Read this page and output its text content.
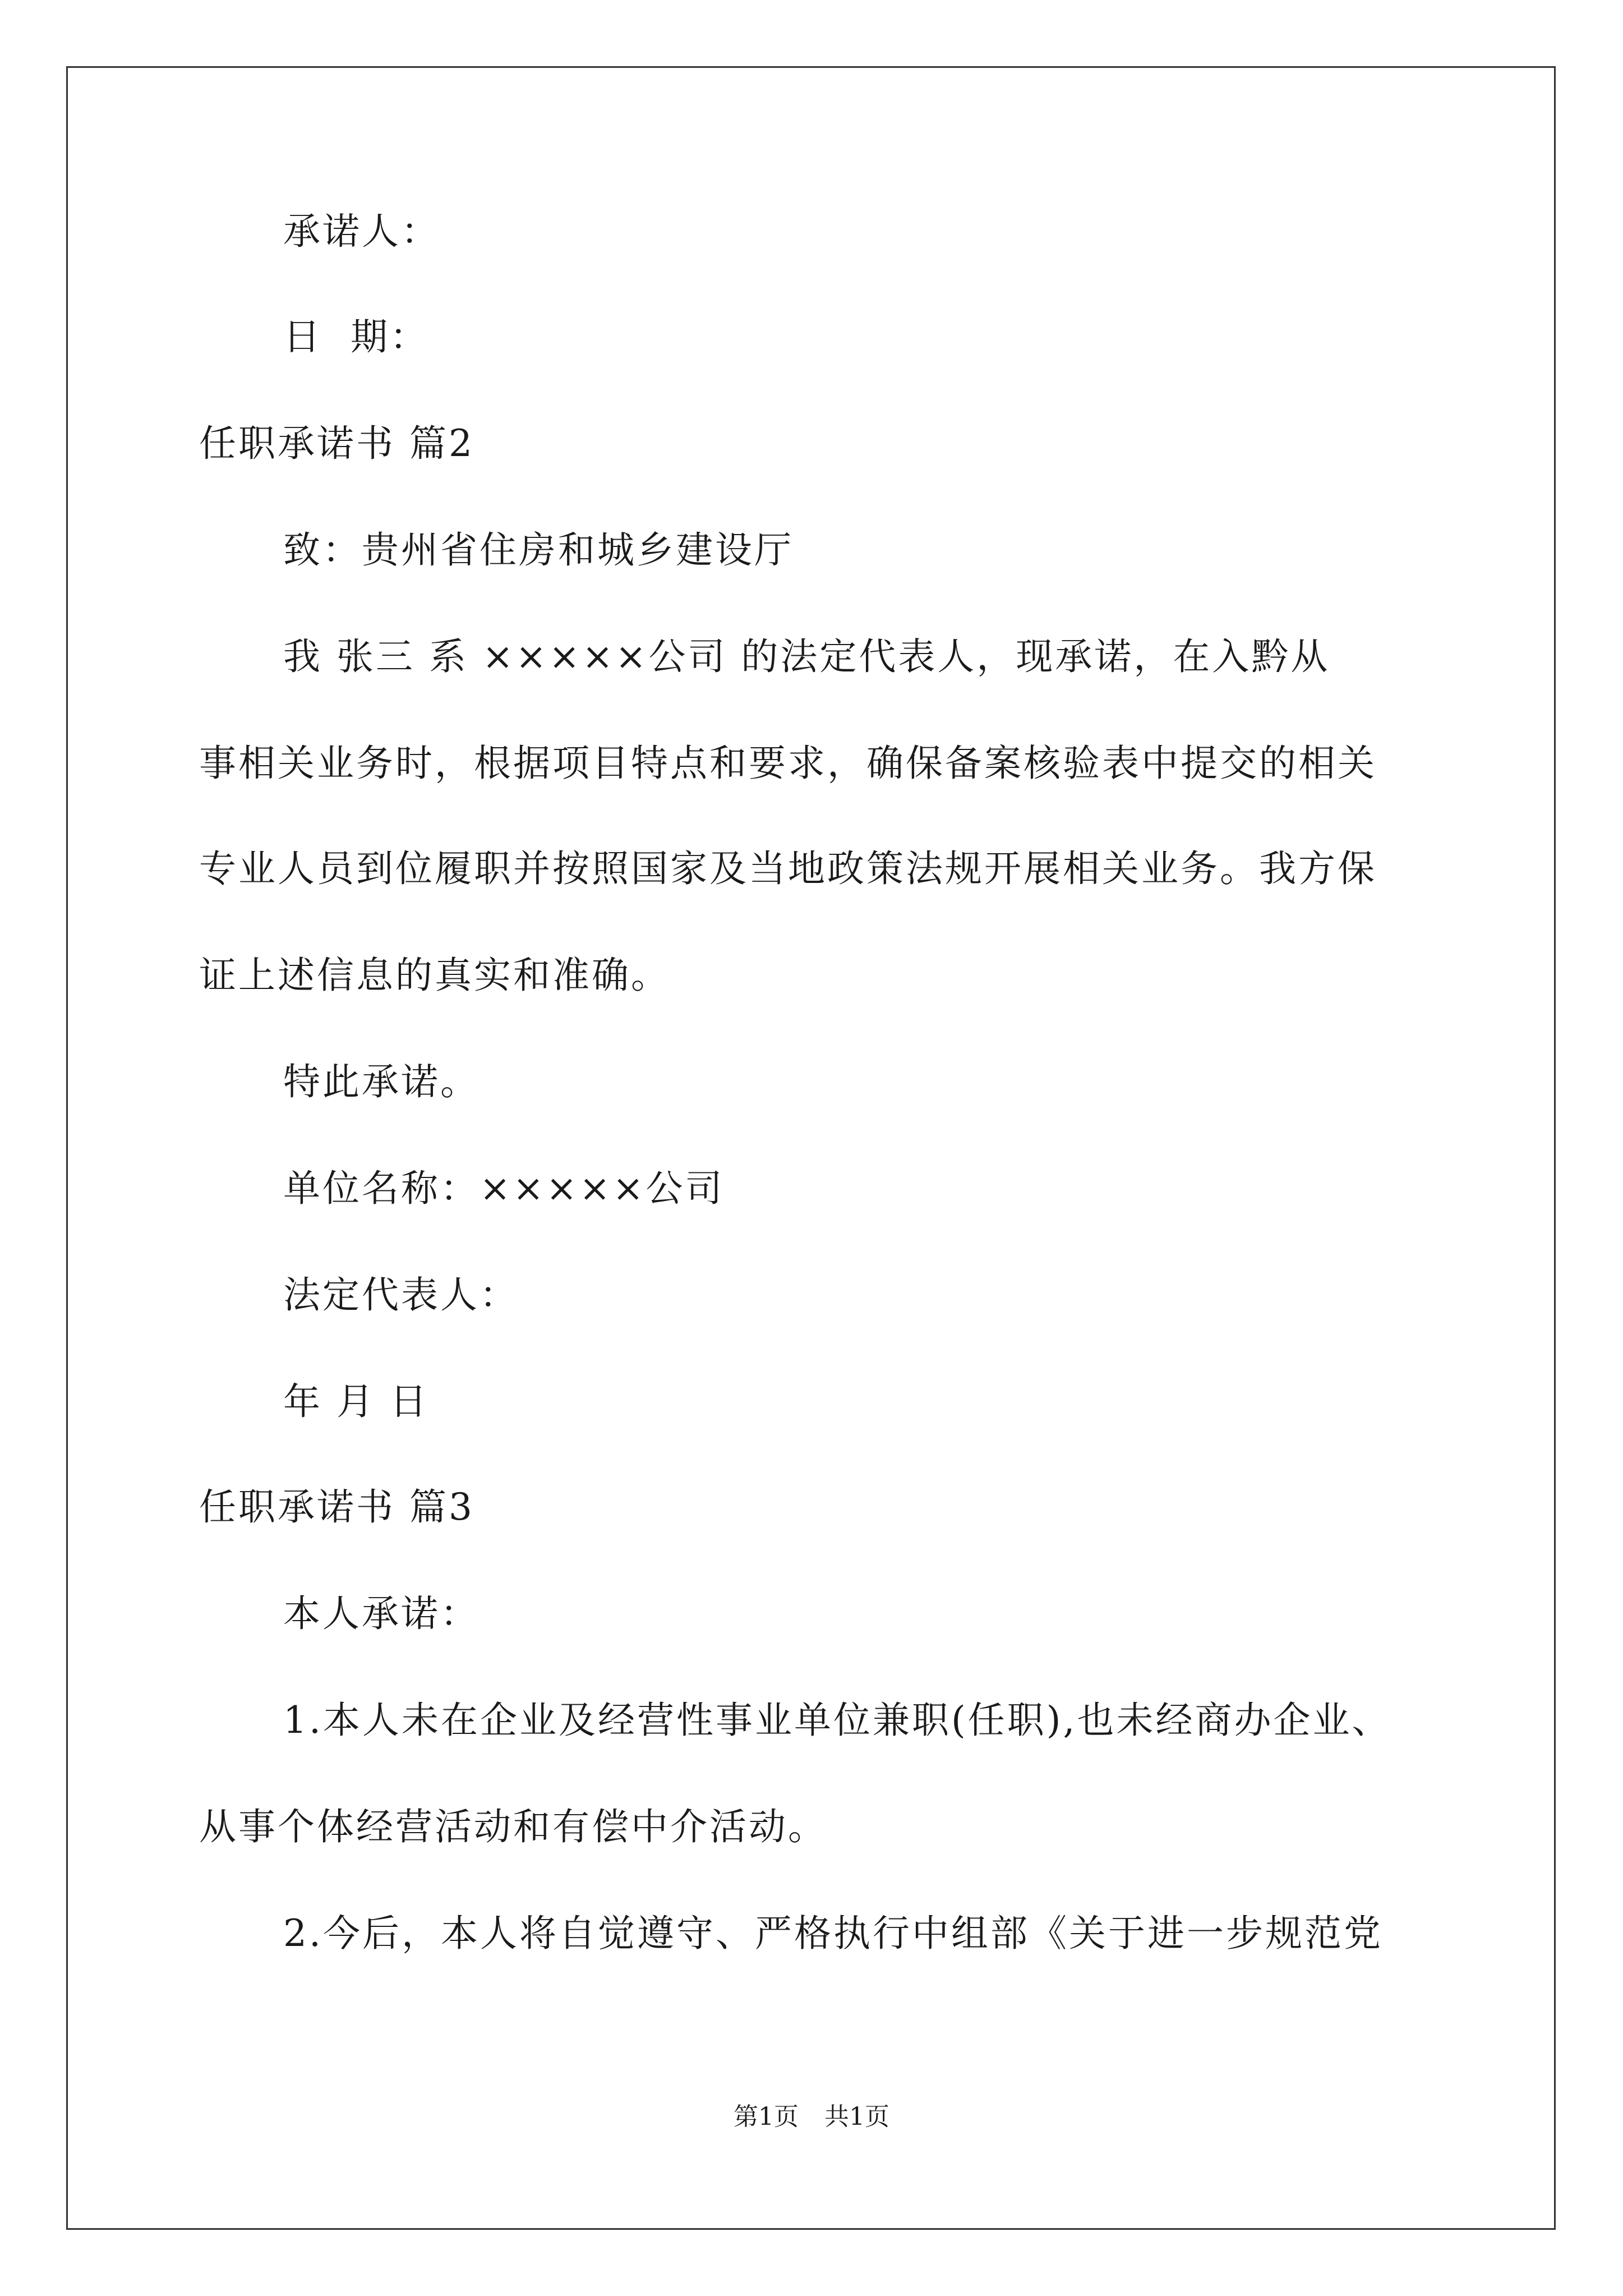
承诺人：
日  期：
任职承诺书 篇2
致：贵州省住房和城乡建设厅
我 张三 系 ×××××公司 的法定代表人，现承诺，在入黔从
事相关业务时，根据项目特点和要求，确保备案核验表中提交的相关
专业人员到位履职并按照国家及当地政策法规开展相关业务。我方保
证上述信息的真实和准确。
特此承诺。
单位名称：×××××公司
法定代表人：
年 月 日
任职承诺书 篇3
本人承诺：
1.本人未在企业及经营性事业单位兼职(任职),也未经商办企业、
从事个体经营活动和有偿中介活动。
2.今后，本人将自觉遵守、严格执行中组部《关于进一步规范党
第1页 共1页
